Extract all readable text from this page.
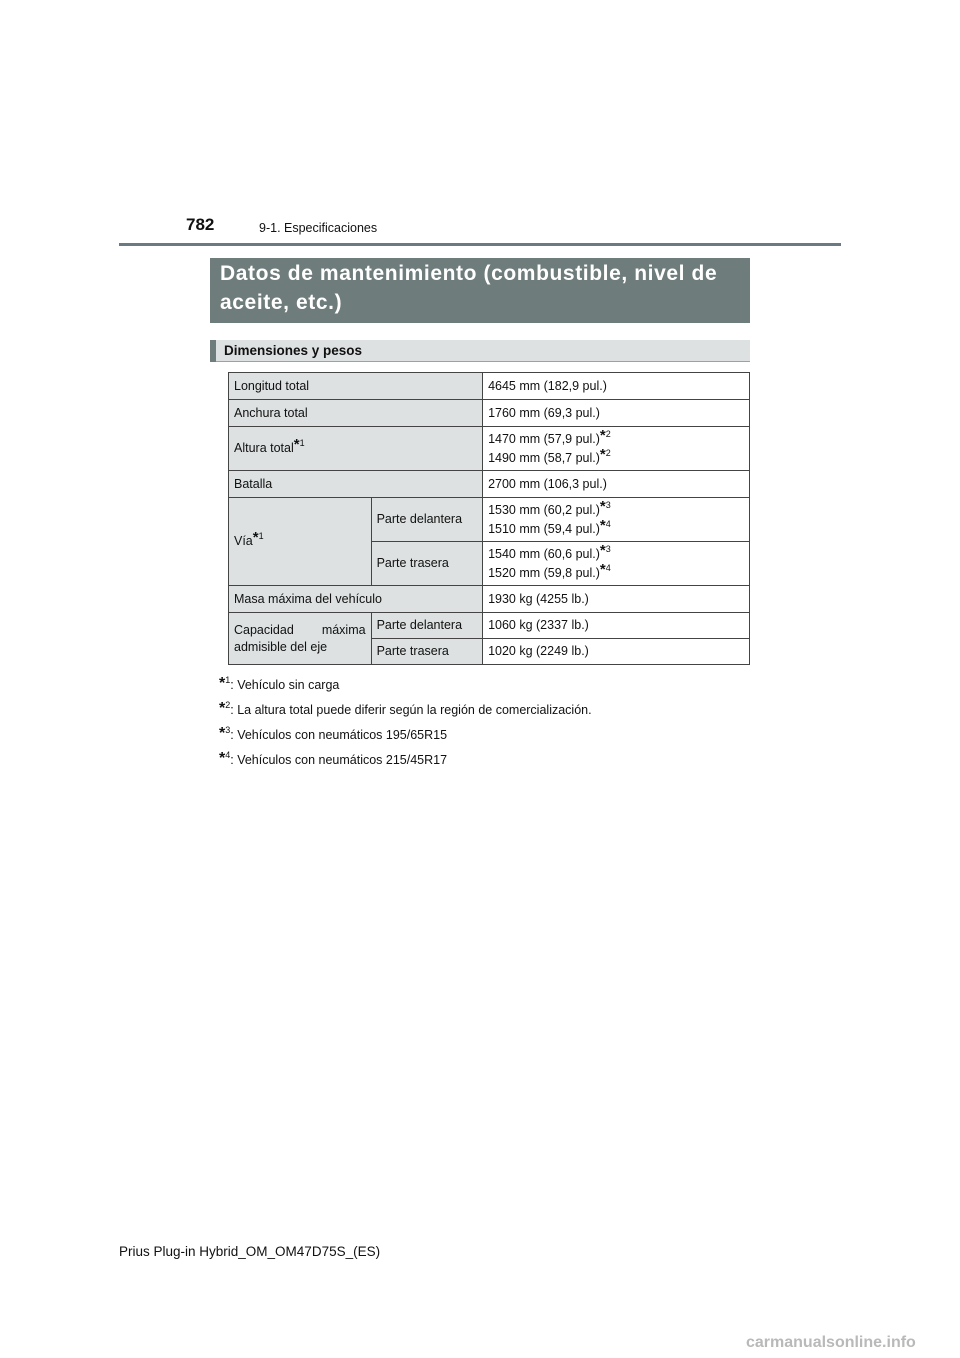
782	9-1. Especificaciones
Datos de mantenimiento (combustible, nivel de aceite, etc.)
Dimensiones y pesos
Longitud total		4645 mm (182,9 pul.)
Anchura total		1760 mm (69,3 pul.)
Altura total*$^1$		1470 mm (57,9 pul.)*$^2$
1490 mm (58,7 pul.)*$^2$

Batalla		2700 mm (106,3 pul.)
Vía*$^1$	Parte delantera	1530 mm (60,2 pul.)*$^3$
1510 mm (59,4 pul.)*$^4$

	Parte trasera	1540 mm (60,6 pul.)*$^3$
1520 mm (59,8 pul.)*$^4$

Masa máxima del vehículo		1930 kg (4255 lb.)
Capacidad máxima admisible del eje	Parte delantera	1060 kg (2337 lb.)
	Parte trasera	1020 kg (2249 lb.)
*$^1$: Vehículo sin carga
*$^2$: La altura total puede diferir según la región de comercialización.
*$^3$: Vehículos con neumáticos 195/65R15
*$^4$: Vehículos con neumáticos 215/45R17
Prius Plug-in Hybrid_OM_OM47D75S_(ES)
carmanualsonline.info
